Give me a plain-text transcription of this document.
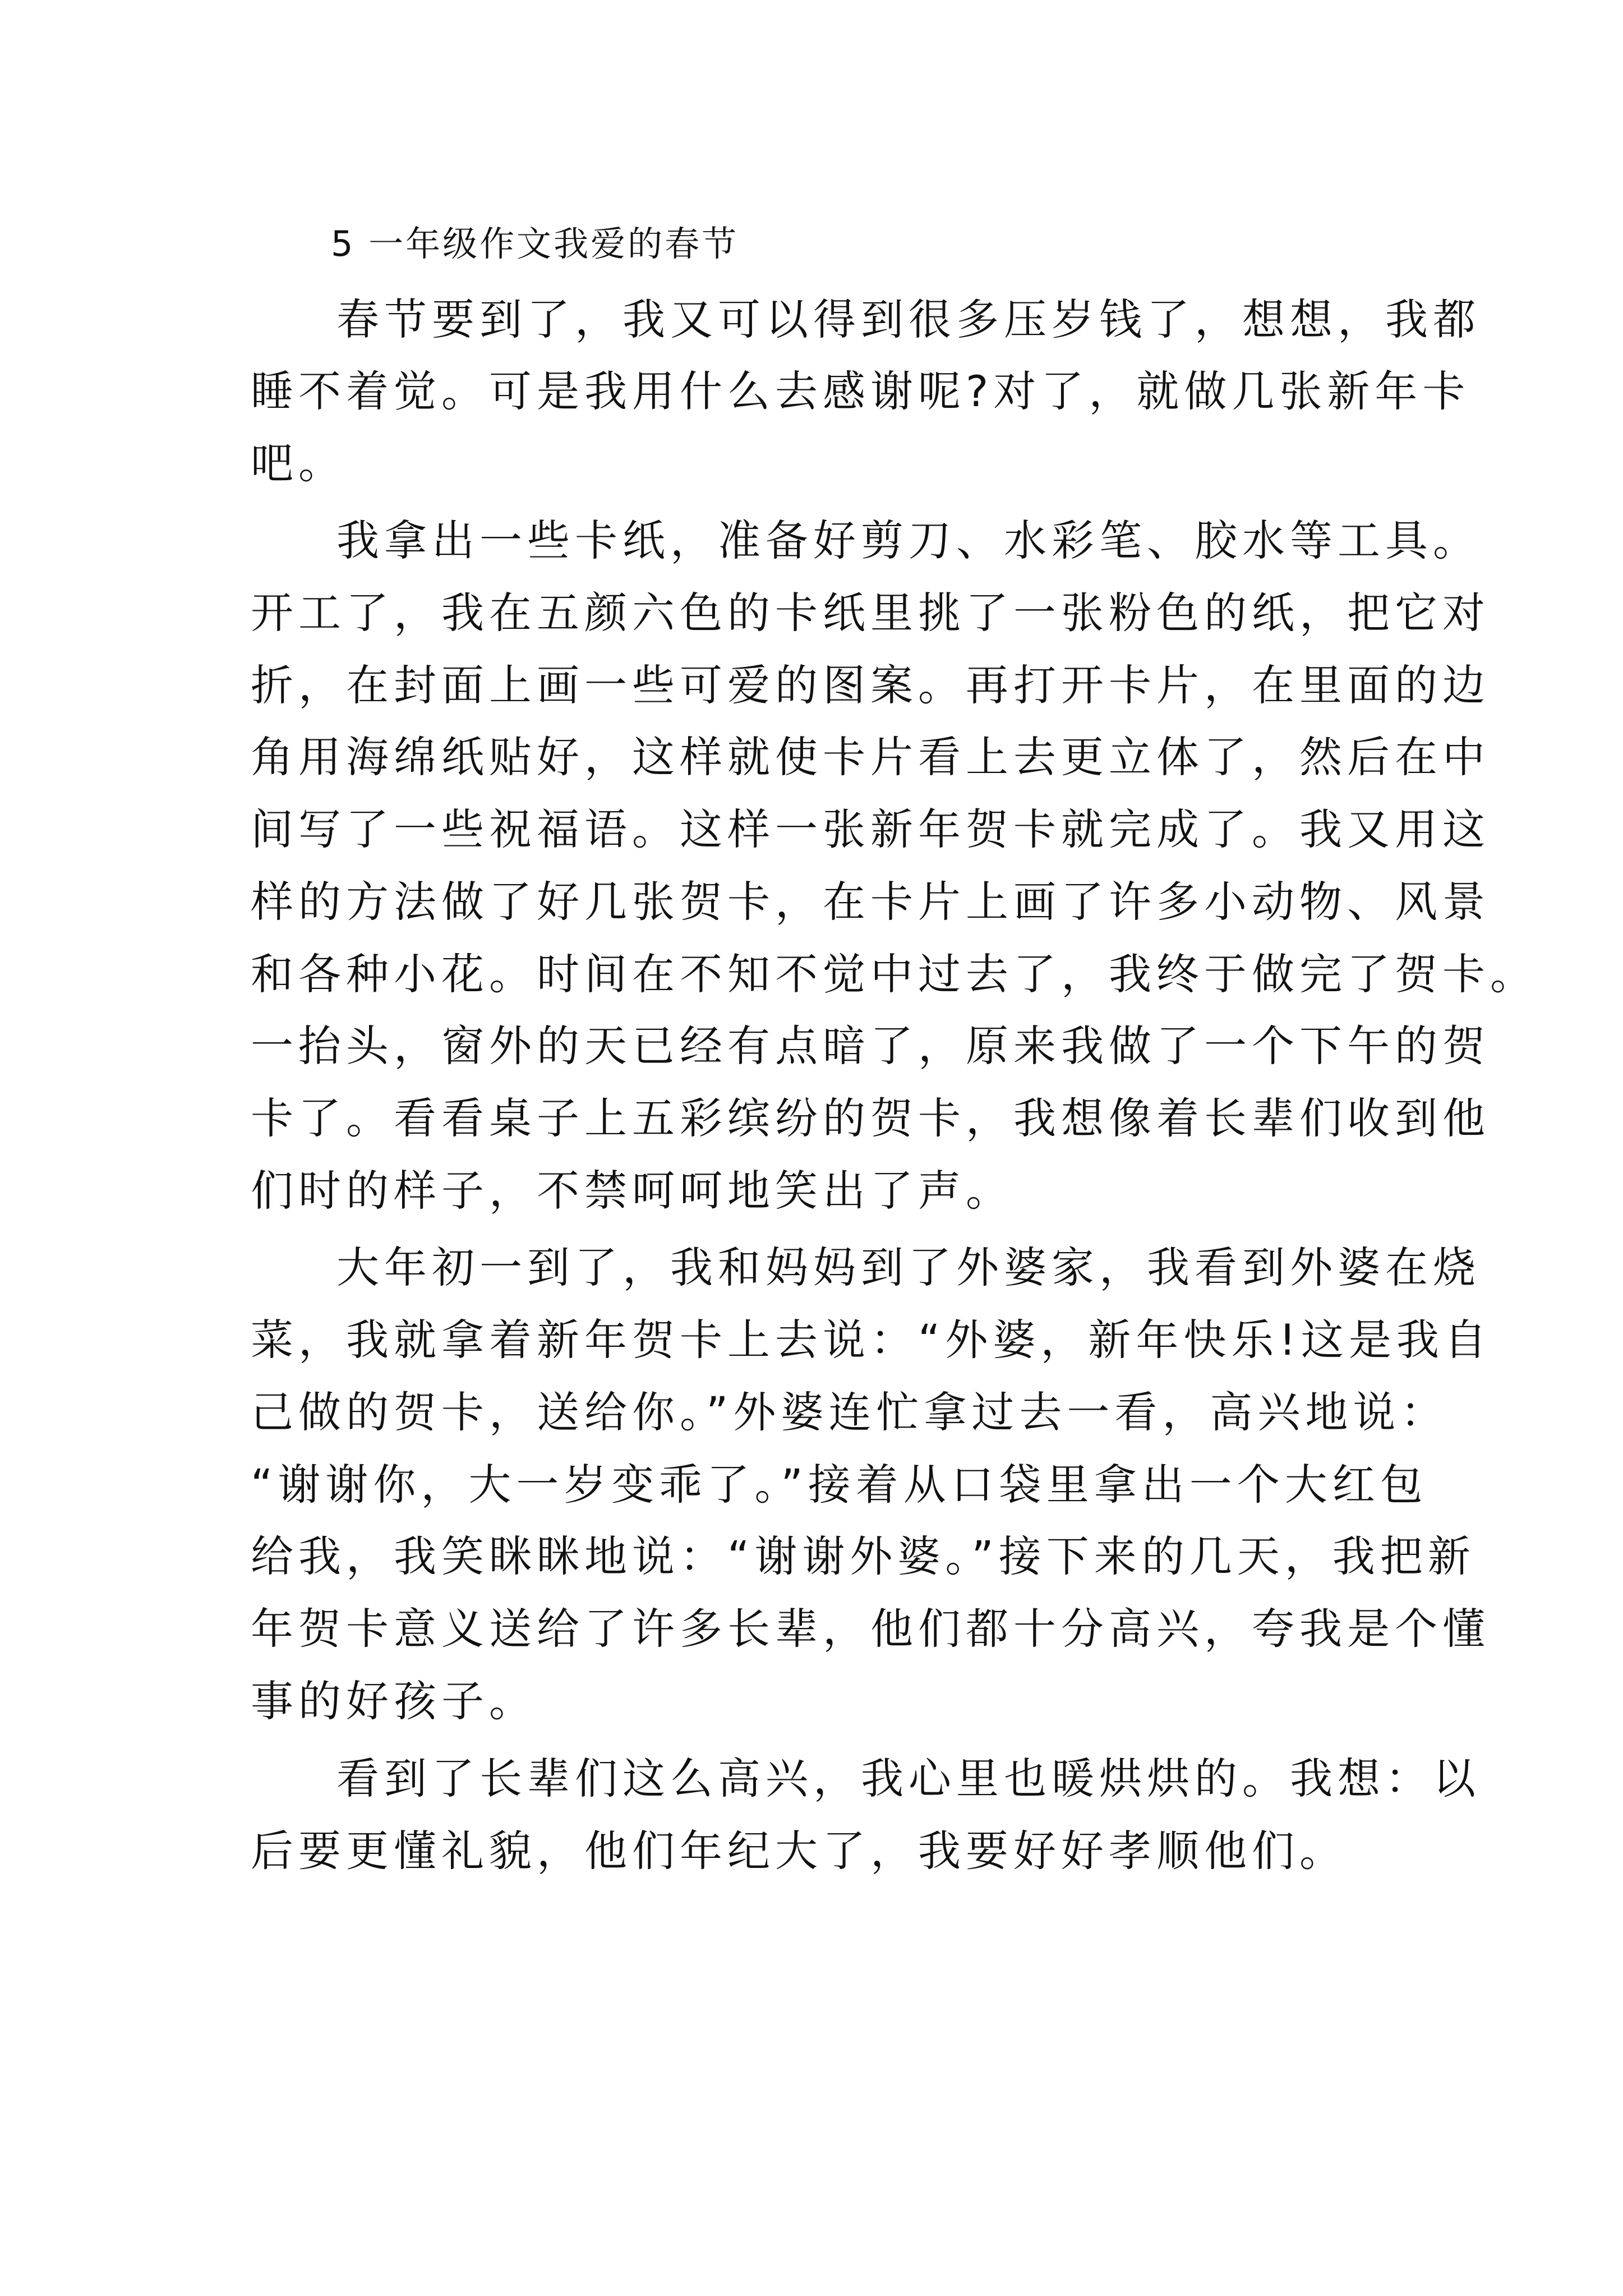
5 一年级作文我爱的春节
春节要到了，我又可以得到很多压岁钱了，想想，我都
睡不着觉。可是我用什么去感谢呢?对了，就做几张新年卡
吧。
我拿出一些卡纸，准备好剪刀、水彩笔、胶水等工具。
开工了，我在五颜六色的卡纸里挑了一张粉色的纸，把它对
折，在封面上画一些可爱的图案。再打开卡片，在里面的边
角用海绵纸贴好，这样就使卡片看上去更立体了，然后在中
间写了一些祝福语。这样一张新年贺卡就完成了。我又用这
样的方法做了好几张贺卡，在卡片上画了许多小动物、风景
和各种小花。时间在不知不觉中过去了，我终于做完了贺卡。
一抬头，窗外的天已经有点暗了，原来我做了一个下午的贺
卡了。看看桌子上五彩缤纷的贺卡，我想像着长辈们收到他
们时的样子，不禁呵呵地笑出了声。
大年初一到了，我和妈妈到了外婆家，我看到外婆在烧
菜，我就拿着新年贺卡上去说：“外婆，新年快乐!这是我自
己做的贺卡，送给你。”外婆连忙拿过去一看，高兴地说：
“谢谢你，大一岁变乖了。”接着从口袋里拿出一个大红包
给我，我笑眯眯地说：“谢谢外婆。”接下来的几天，我把新
年贺卡意义送给了许多长辈，他们都十分高兴，夸我是个懂
事的好孩子。
看到了长辈们这么高兴，我心里也暖烘烘的。我想：以
后要更懂礼貌，他们年纪大了，我要好好孝顺他们。
